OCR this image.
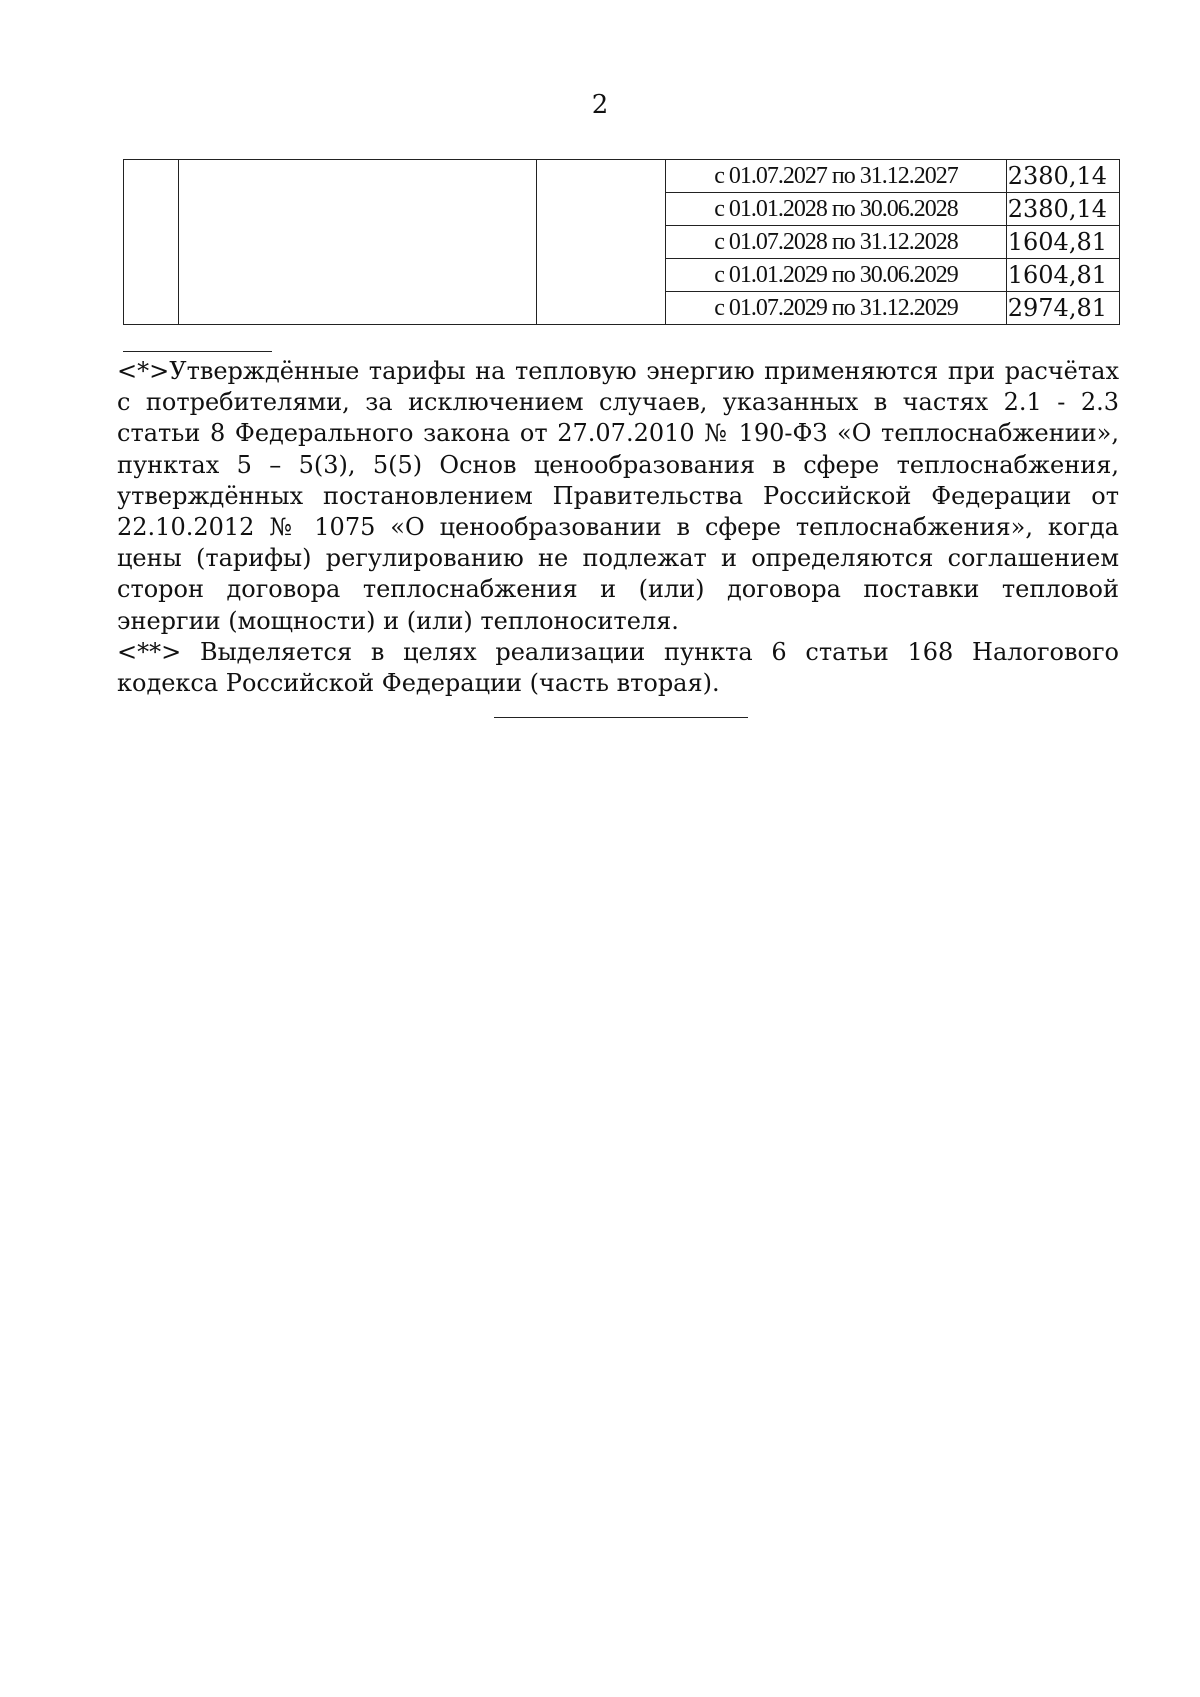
2
			с 01.07.2027 по 31.12.2027	2380,14
			с 01.01.2028 по 30.06.2028	2380,14
			с 01.07.2028 по 31.12.2028	1604,81
			с 01.01.2029 по 30.06.2029	1604,81
			с 01.07.2029 по 31.12.2029	2974,81

<*>Утверждённые тарифы на тепловую энергию применяются при расчётах с потребителями, за исключением случаев, указанных в частях 2.1 - 2.3 статьи 8 Федерального закона от 27.07.2010 № 190-ФЗ «О теплоснабжении», пунктах 5 – 5(3), 5(5) Основ ценообразования в сфере теплоснабжения, утверждённых постановлением Правительства Российской Федерации от 22.10.2012 № 1075 «О ценообразовании в сфере теплоснабжения», когда цены (тарифы) регулированию не подлежат и определяются соглашением сторон договора теплоснабжения и (или) договора поставки тепловой энергии (мощности) и (или) теплоносителя.

<**> Выделяется в целях реализации пункта 6 статьи 168 Налогового кодекса Российской Федерации (часть вторая).
